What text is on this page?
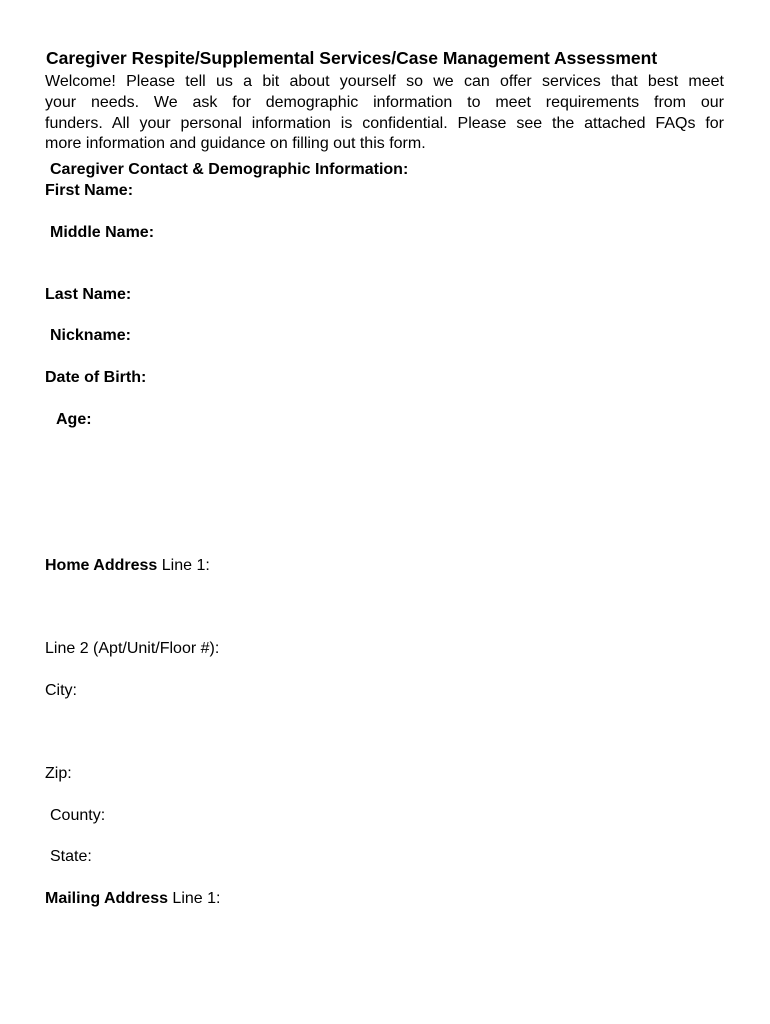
Caregiver Respite/Supplemental Services/Case Management Assessment
Welcome! Please tell us a bit about yourself so we can offer services that best meet
your needs. We ask for demographic information to meet requirements from our
funders. All your personal information is confidential. Please see the attached FAQs for
more information and guidance on filling out this form.
Caregiver Contact & Demographic Information:
First Name:
Middle Name:
Last Name:
Nickname:
Date of Birth:
Age:
Home Address Line 1:
Line 2 (Apt/Unit/Floor #):
City:
Zip:
County:
State:
Mailing Address Line 1:
